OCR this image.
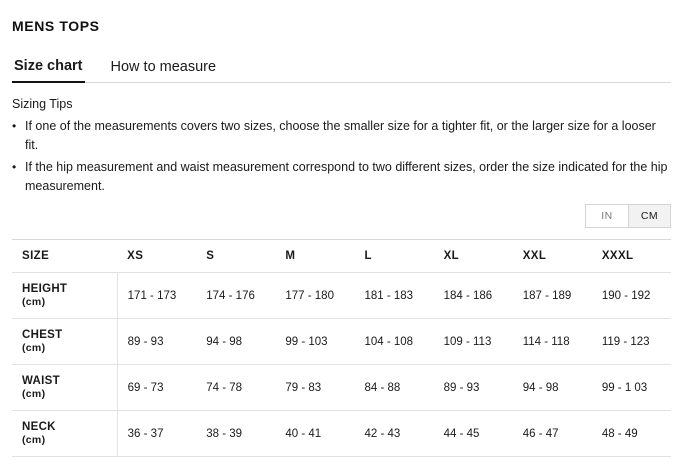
MENS TOPS
Size chart How to measure
Sizing Tips
• If one of the measurements covers two sizes, choose the smaller size for a tighter fit, or the larger size for a looser fit.
• If the hip measurement and waist measurement correspond to two different sizes, order the size indicated for the hip measurement.
IN	CM
SIZE	XS	S	M	L	XL	XXL	XXXL

HEIGHT
(cm)	171 - 173	174 - 176	177 - 180	181 - 183	184 - 186	187 - 189	190 - 192

CHEST
(cm)	89 - 93	94 - 98	99 - 103	104 - 108	109 - 113	114 - 118	119 - 123

WAIST
(cm)	69 - 73	74 - 78	79 - 83	84 - 88	89 - 93	94 - 98	99 - 1 03

NECK
(cm)	36 - 37	38 - 39	40 - 41	42 - 43	44 - 45	46 - 47	48 - 49
